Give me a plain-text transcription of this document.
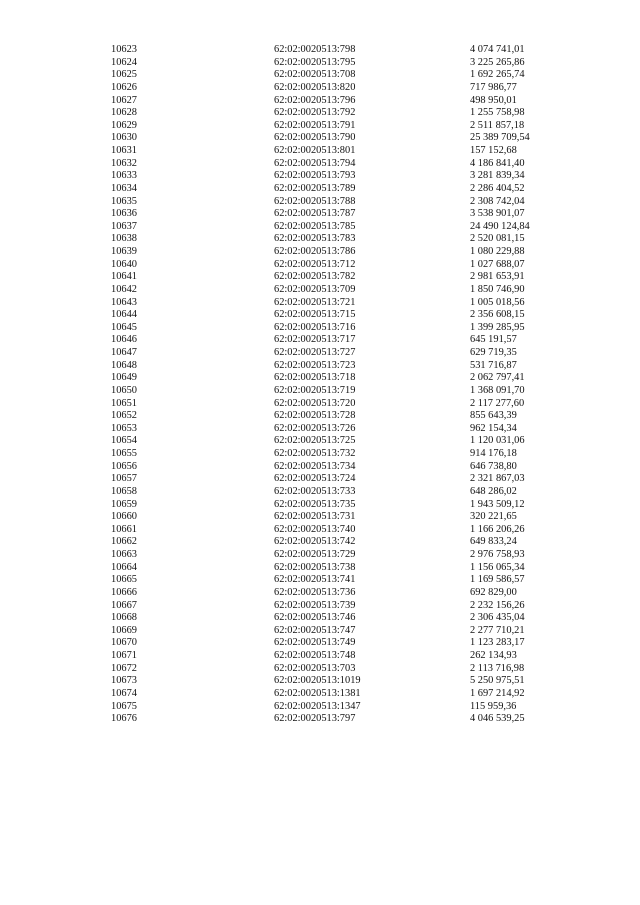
10623	62:02:0020513:798	4 074 741,01
10624	62:02:0020513:795	3 225 265,86
10625	62:02:0020513:708	1 692 265,74
10626	62:02:0020513:820	717 986,77
10627	62:02:0020513:796	498 950,01
10628	62:02:0020513:792	1 255 758,98
10629	62:02:0020513:791	2 511 857,18
10630	62:02:0020513:790	25 389 709,54
10631	62:02:0020513:801	157 152,68
10632	62:02:0020513:794	4 186 841,40
10633	62:02:0020513:793	3 281 839,34
10634	62:02:0020513:789	2 286 404,52
10635	62:02:0020513:788	2 308 742,04
10636	62:02:0020513:787	3 538 901,07
10637	62:02:0020513:785	24 490 124,84
10638	62:02:0020513:783	2 520 081,15
10639	62:02:0020513:786	1 080 229,88
10640	62:02:0020513:712	1 027 688,07
10641	62:02:0020513:782	2 981 653,91
10642	62:02:0020513:709	1 850 746,90
10643	62:02:0020513:721	1 005 018,56
10644	62:02:0020513:715	2 356 608,15
10645	62:02:0020513:716	1 399 285,95
10646	62:02:0020513:717	645 191,57
10647	62:02:0020513:727	629 719,35
10648	62:02:0020513:723	531 716,87
10649	62:02:0020513:718	2 062 797,41
10650	62:02:0020513:719	1 368 091,70
10651	62:02:0020513:720	2 117 277,60
10652	62:02:0020513:728	855 643,39
10653	62:02:0020513:726	962 154,34
10654	62:02:0020513:725	1 120 031,06
10655	62:02:0020513:732	914 176,18
10656	62:02:0020513:734	646 738,80
10657	62:02:0020513:724	2 321 867,03
10658	62:02:0020513:733	648 286,02
10659	62:02:0020513:735	1 943 509,12
10660	62:02:0020513:731	320 221,65
10661	62:02:0020513:740	1 166 206,26
10662	62:02:0020513:742	649 833,24
10663	62:02:0020513:729	2 976 758,93
10664	62:02:0020513:738	1 156 065,34
10665	62:02:0020513:741	1 169 586,57
10666	62:02:0020513:736	692 829,00
10667	62:02:0020513:739	2 232 156,26
10668	62:02:0020513:746	2 306 435,04
10669	62:02:0020513:747	2 277 710,21
10670	62:02:0020513:749	1 123 283,17
10671	62:02:0020513:748	262 134,93
10672	62:02:0020513:703	2 113 716,98
10673	62:02:0020513:1019	5 250 975,51
10674	62:02:0020513:1381	1 697 214,92
10675	62:02:0020513:1347	115 959,36
10676	62:02:0020513:797	4 046 539,25
